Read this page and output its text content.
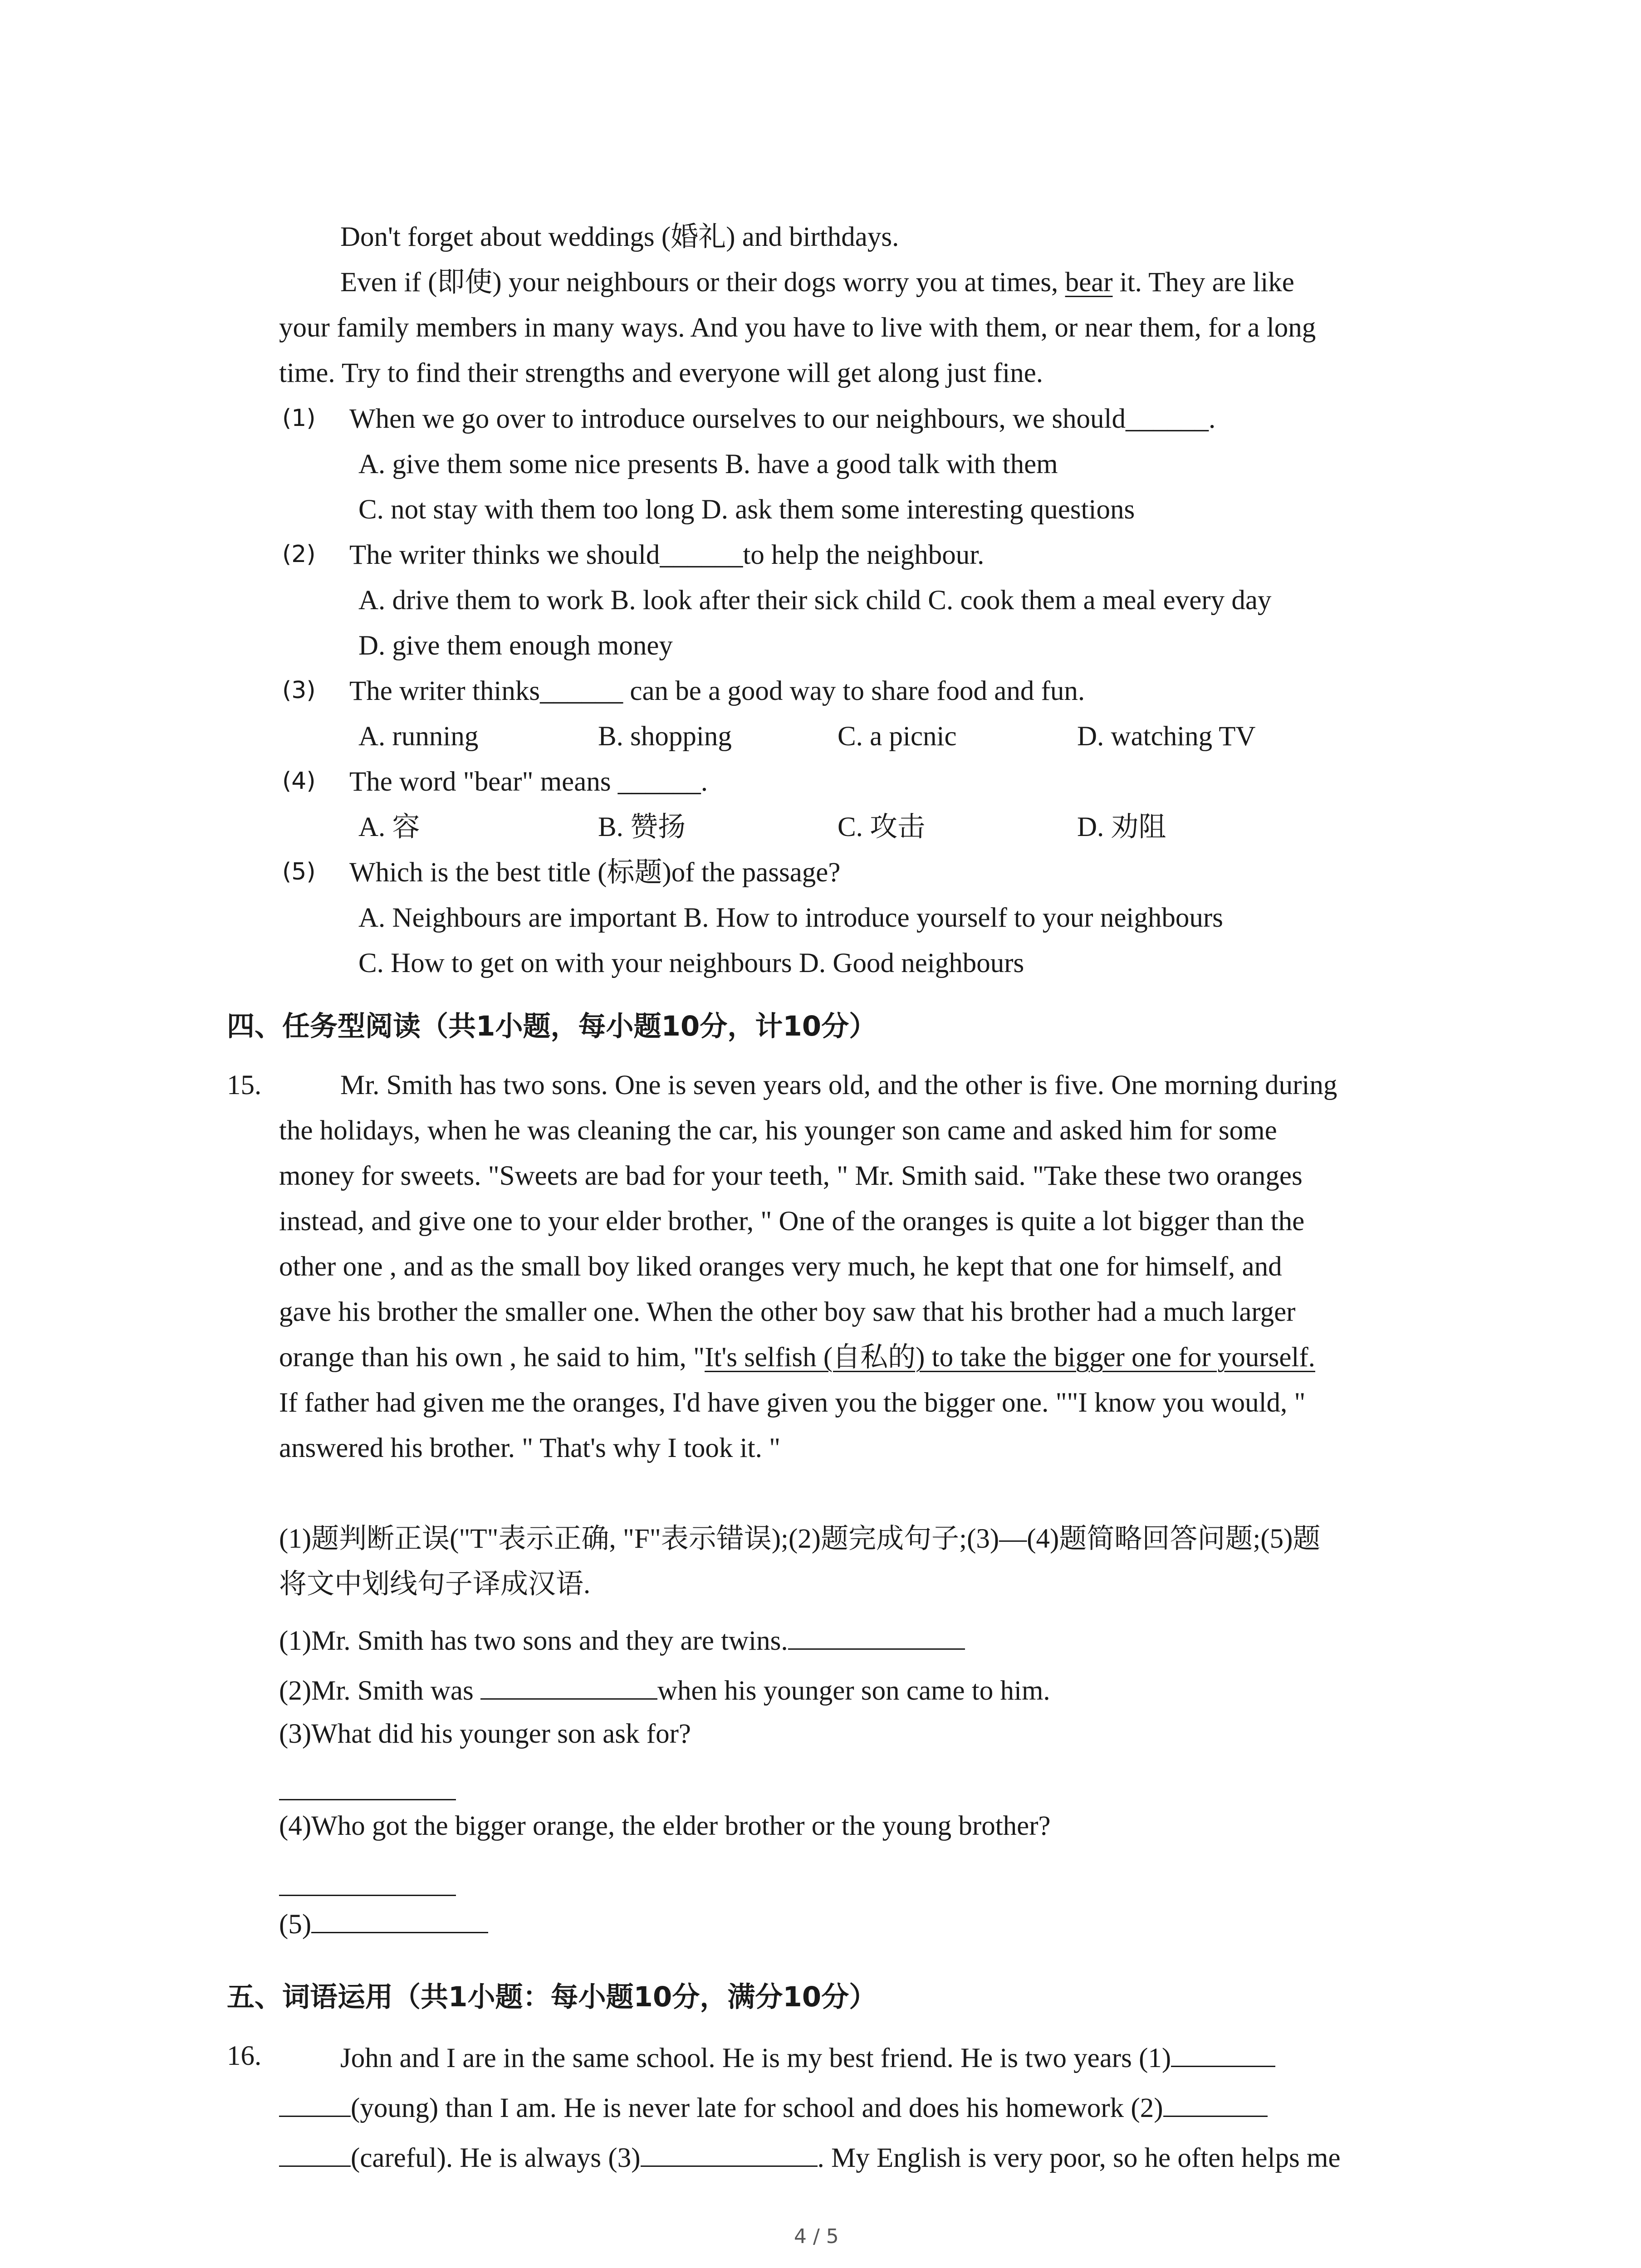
Don't forget about weddings (婚礼) and birthdays.
Even if (即使) your neighbours or their dogs worry you at times, bear it. They are like
your family members in many ways. And you have to live with them, or near them, for a long
time. Try to find their strengths and everyone will get along just fine.
(1) When we go over to introduce ourselves to our neighbours, we should______.
A. give them some nice presents B. have a good talk with them
C. not stay with them too long D. ask them some interesting questions
(2) The writer thinks we should______to help the neighbour.
A. drive them to work B. look after their sick child C. cook them a meal every day
D. give them enough money
(3) The writer thinks______ can be a good way to share food and fun.
A. running	B. shopping	C. a picnic	D. watching TV
(4) The word "bear" means ______.
A. 容	B. 赞扬	C. 攻击	D. 劝阻
(5) Which is the best title (标题)of the passage?
A. Neighbours are important B. How to introduce yourself to your neighbours
C. How to get on with your neighbours D. Good neighbours
四、任务型阅读（共1小题，每小题10分，计10分）
15.	Mr. Smith has two sons. One is seven years old, and the other is five. One morning during
the holidays, when he was cleaning the car, his younger son came and asked him for some
money for sweets. "Sweets are bad for your teeth, " Mr. Smith said. "Take these two oranges
instead, and give one to your elder brother, " One of the oranges is quite a lot bigger than the
other one , and as the small boy liked oranges very much, he kept that one for himself, and
gave his brother the smaller one. When the other boy saw that his brother had a much larger
orange than his own , he said to him, "It's selfish (自私的) to take the bigger one for yourself.
If father had given me the oranges, I'd have given you the bigger one. ""I know you would, "
answered his brother. " That's why I took it. "
(1)题判断正误("T"表示正确, "F"表示错误);(2)题完成句子;(3)—(4)题简略回答问题;(5)题
将文中划线句子译成汉语.
(1)Mr. Smith has two sons and they are twins.
(2)Mr. Smith was	when his younger son came to him.
(3)What did his younger son ask for?
(4)Who got the bigger orange, the elder brother or the young brother?
(5)
五、词语运用（共1小题：每小题10分，满分10分）
16.	John and I are in the same school. He is my best friend. He is two years (1)
(young) than I am. He is never late for school and does his homework (2)
(careful). He is always (3)	. My English is very poor, so he often helps me
4 / 5
